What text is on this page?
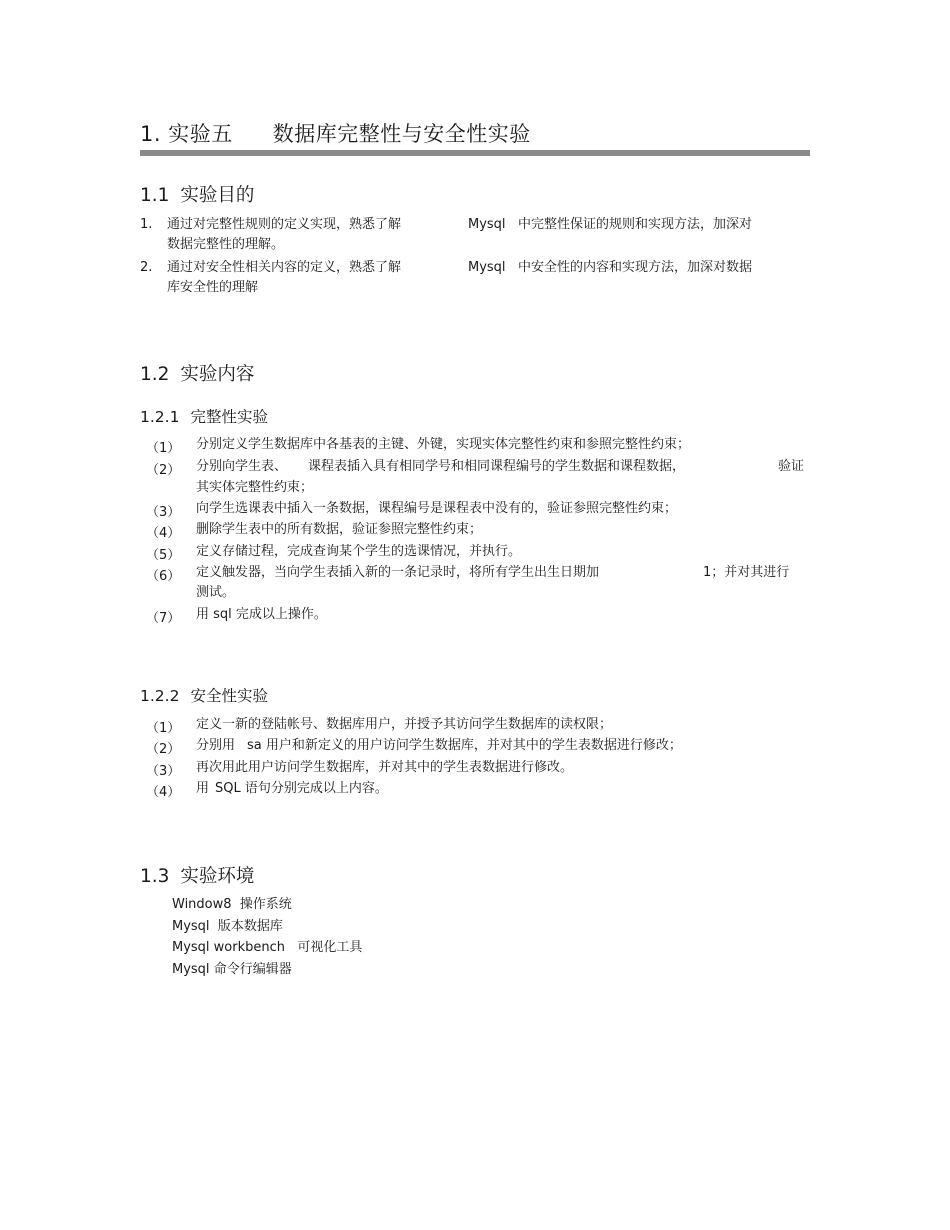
1. 实验五 数据库完整性与安全性实验
1.1 实验目的
1. 通过对完整性规则的定义实现，熟悉了解	Mysql 中完整性保证的规则和实现方法，加深对
数据完整性的理解。
2. 通过对安全性相关内容的定义，熟悉了解	Mysql 中安全性的内容和实现方法，加深对数据
库安全性的理解
1.2 实验内容
1.2.1 完整性实验
（1） 分别定义学生数据库中各基表的主键、外键，实现实体完整性约束和参照完整性约束；
（2） 分别向学生表、 课程表插入具有相同学号和相同课程编号的学生数据和课程数据，	验证
其实体完整性约束；
（3） 向学生选课表中插入一条数据，课程编号是课程表中没有的，验证参照完整性约束；
（4） 删除学生表中的所有数据，验证参照完整性约束；
（5） 定义存储过程，完成查询某个学生的选课情况，并执行。
（6） 定义触发器，当向学生表插入新的一条记录时，将所有学生出生日期加	1；并对其进行
测试。
（7） 用 sql 完成以上操作。
1.2.2 安全性实验
（1） 定义一新的登陆帐号、数据库用户，并授予其访问学生数据库的读权限；
（2） 分别用 sa 用户和新定义的用户访问学生数据库，并对其中的学生表数据进行修改；
（3） 再次用此用户访问学生数据库，并对其中的学生表数据进行修改。
（4） 用 SQL 语句分别完成以上内容。
1.3 实验环境
Window8 操作系统
Mysql 版本数据库
Mysql workbench 可视化工具
Mysql 命令行编辑器
